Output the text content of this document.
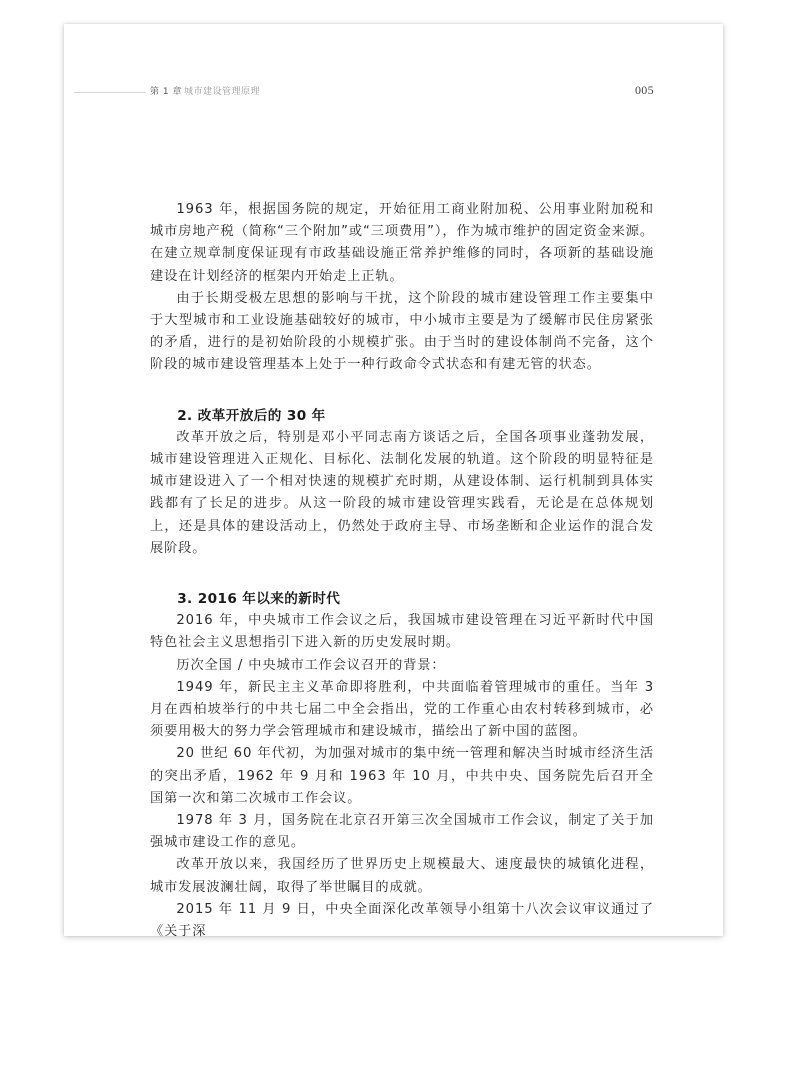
第 1 章 城市建设管理原理	005

1963 年，根据国务院的规定，开始征用工商业附加税、公用事业附加税和城市房地产税（简称“三个附加”或“三项费用”），作为城市维护的固定资金来源。在建立规章制度保证现有市政基础设施正常养护维修的同时，各项新的基础设施建设在计划经济的框架内开始走上正轨。

由于长期受极左思想的影响与干扰，这个阶段的城市建设管理工作主要集中于大型城市和工业设施基础较好的城市，中小城市主要是为了缓解市民住房紧张的矛盾，进行的是初始阶段的小规模扩张。由于当时的建设体制尚不完备，这个阶段的城市建设管理基本上处于一种行政命令式状态和有建无管的状态。

2. 改革开放后的 30 年

改革开放之后，特别是邓小平同志南方谈话之后，全国各项事业蓬勃发展，城市建设管理进入正规化、目标化、法制化发展的轨道。这个阶段的明显特征是城市建设进入了一个相对快速的规模扩充时期，从建设体制、运行机制到具体实践都有了长足的进步。从这一阶段的城市建设管理实践看，无论是在总体规划上，还是具体的建设活动上，仍然处于政府主导、市场垄断和企业运作的混合发展阶段。

3. 2016 年以来的新时代

2016 年，中央城市工作会议之后，我国城市建设管理在习近平新时代中国特色社会主义思想指引下进入新的历史发展时期。

历次全国 / 中央城市工作会议召开的背景：

1949 年，新民主主义革命即将胜利，中共面临着管理城市的重任。当年 3 月在西柏坡举行的中共七届二中全会指出，党的工作重心由农村转移到城市，必须要用极大的努力学会管理城市和建设城市，描绘出了新中国的蓝图。

20 世纪 60 年代初，为加强对城市的集中统一管理和解决当时城市经济生活的突出矛盾，1962 年 9 月和 1963 年 10 月，中共中央、国务院先后召开全国第一次和第二次城市工作会议。

1978 年 3 月，国务院在北京召开第三次全国城市工作会议，制定了关于加强城市建设工作的意见。

改革开放以来，我国经历了世界历史上规模最大、速度最快的城镇化进程，城市发展波澜壮阔，取得了举世瞩目的成就。

2015 年 11 月 9 日，中央全面深化改革领导小组第十八次会议审议通过了《关于深
